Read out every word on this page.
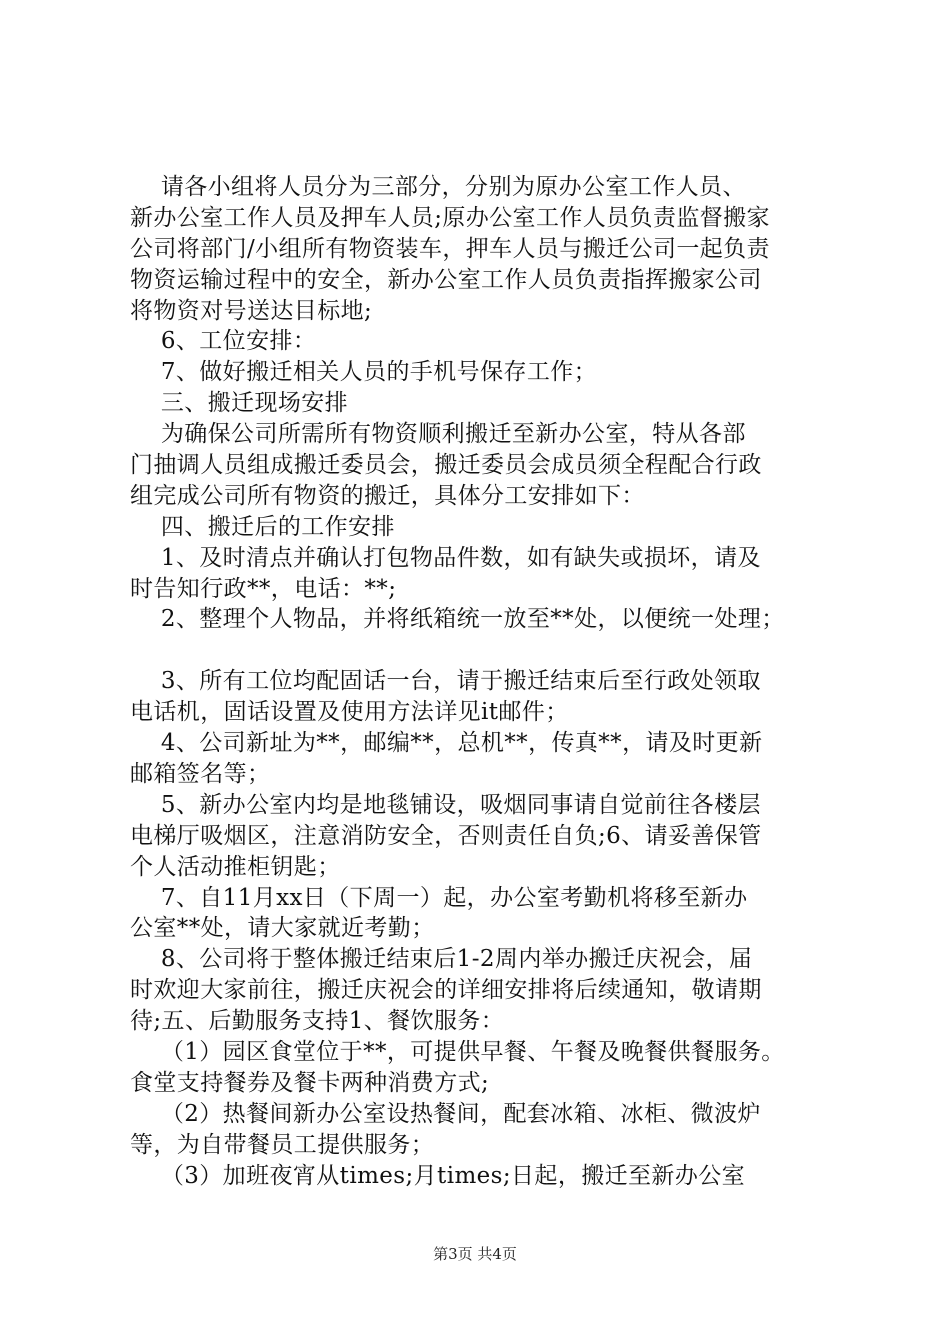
请各小组将人员分为三部分，分别为原办公室工作人员、
新办公室工作人员及押车人员;原办公室工作人员负责监督搬家
公司将部门/小组所有物资装车，押车人员与搬迁公司一起负责
物资运输过程中的安全，新办公室工作人员负责指挥搬家公司
将物资对号送达目标地;
6、工位安排：
7、做好搬迁相关人员的手机号保存工作；
三、搬迁现场安排
为确保公司所需所有物资顺利搬迁至新办公室，特从各部
门抽调人员组成搬迁委员会，搬迁委员会成员须全程配合行政
组完成公司所有物资的搬迁，具体分工安排如下：
四、搬迁后的工作安排
1、及时清点并确认打包物品件数，如有缺失或损坏，请及
时告知行政**，电话：**;
2、整理个人物品，并将纸箱统一放至**处，以便统一处理；
3、所有工位均配固话一台，请于搬迁结束后至行政处领取
电话机，固话设置及使用方法详见it邮件；
4、公司新址为**，邮编**，总机**，传真**，请及时更新
邮箱签名等；
5、新办公室内均是地毯铺设，吸烟同事请自觉前往各楼层
电梯厅吸烟区，注意消防安全，否则责任自负;6、请妥善保管
个人活动推柜钥匙；
7、自11月xx日（下周一）起，办公室考勤机将移至新办
公室**处，请大家就近考勤；
8、公司将于整体搬迁结束后1-2周内举办搬迁庆祝会，届
时欢迎大家前往，搬迁庆祝会的详细安排将后续通知，敬请期
待;五、后勤服务支持1、餐饮服务：
（1）园区食堂位于**，可提供早餐、午餐及晚餐供餐服务。
食堂支持餐券及餐卡两种消费方式;
（2）热餐间新办公室设热餐间，配套冰箱、冰柜、微波炉
等，为自带餐员工提供服务；
（3）加班夜宵从times;月times;日起，搬迁至新办公室
第3页 共4页
